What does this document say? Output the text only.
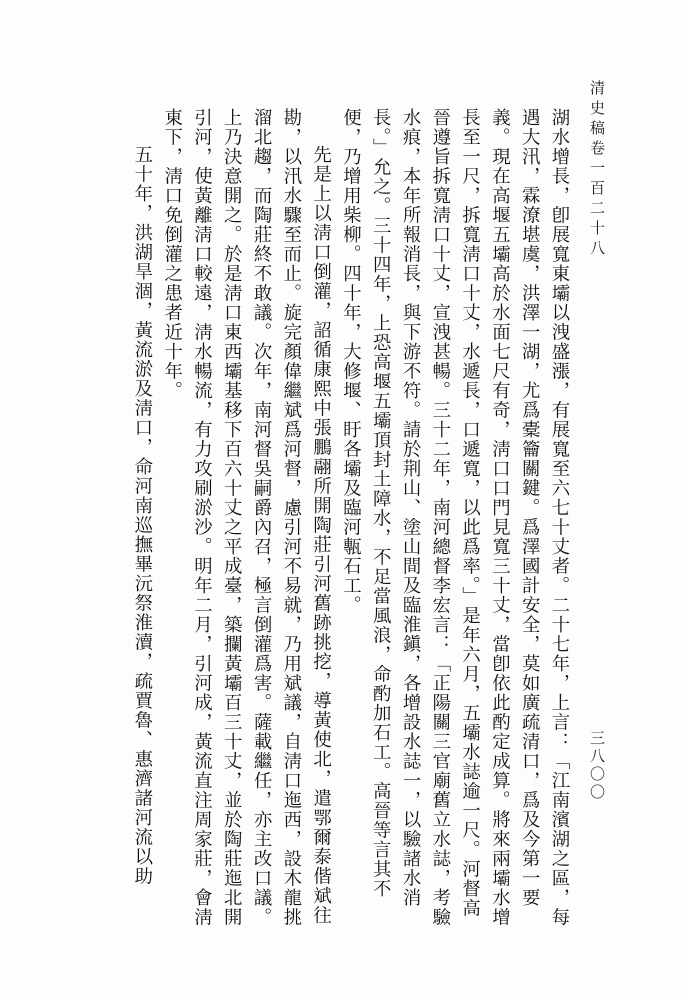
清史稿卷一百二十八

湖水增長，卽展寬東壩以洩盛漲，有展寬至六七十丈者。二十七年，上言：「江南濱湖之區，每遇大汛，霖潦堪虞，洪澤一湖，尤爲橐籥關鍵。爲澤國計安全，莫如廣疏清口，爲及今第一要義。現在高堰五壩高於水面七尺有奇，淸口口門見寬三十丈，當卽依此酌定成算。將來兩壩水增長至一尺，拆寬淸口十丈，水遞長，口遞寬，以此爲率。」是年六月，五壩水誌逾一尺。河督高晉遵旨拆寬淸口十丈，宣洩甚暢。三十二年，南河總督李宏言：「正陽關三官廟舊立水誌，考驗水痕，本年所報消長，與下游不符。請於荆山、塗山間及臨淮鎭，各增設水誌一，以驗諸水消長。」允之。三十四年，上恐高堰五壩頂封土障水，不足當風浪，命酌加石工。高晉等言其不便，乃增用柴柳。四十年，大修堰、盱各壩及臨河甎石工。

先是上以淸口倒灌，詔循康熙中張鵬翮所開陶莊引河舊跡挑挖，導黃使北，遣鄂爾泰偕斌往勘，以汛水驟至而止。旋完顏偉繼斌爲河督，慮引河不易就，乃用斌議，自淸口迤西，設木龍挑溜北趨，而陶莊終不敢議。次年，南河督吳嗣爵內召，極言倒灌爲害。薩載繼任，亦主改口議。上乃決意開之。於是淸口東西壩基移下百六十丈之平成臺，築攔黃壩百三十丈，並於陶莊迤北開引河，使黃離淸口較遠，淸水暢流，有力攻刷淤沙。明年二月，引河成，黃流直注周家莊，會淸東下，淸口免倒灌之患者近十年。

五十年，洪湖旱涸，黃流淤及淸口，命河南巡撫畢沅祭淮瀆，疏賈魯、惠濟諸河流以助	三八〇〇
